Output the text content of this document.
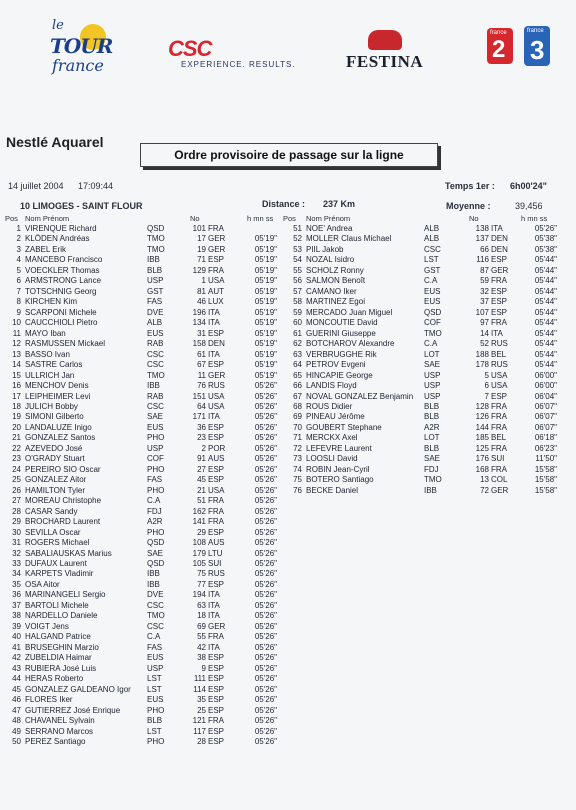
le
TOUR
france
CSC
EXPERIENCE. RESULTS.	FESTINA
france
2
france
3
Nestlé Aquarel
Ordre provisoire de passage sur la ligne
14 juillet 2004 17:09:44	Temps 1er : 6h00'24"
10 LIMOGES - SAINT FLOUR	Distance : 237 Km	Moyenne :	39,456
Pos Nom Prénom	No	h mn ss
1 VIRENQUE Richard	QSD	101 FRA
2 KLÖDEN Andréas	TMO	17 GER	05'19"
3 ZABEL Erik	TMO	19 GER	05'19"
4 MANCEBO Francisco	IBB	71 ESP	05'19"
5 VOECKLER Thomas	BLB	129 FRA	05'19"
6 ARMSTRONG Lance	USP	1 USA	05'19"
7 TOTSCHNIG Georg	GST	81 AUT	05'19"
8 KIRCHEN Kim	FAS	46 LUX	05'19"
9 SCARPONI Michele	DVE	196 ITA	05'19"
10 CAUCCHIOLI Pietro	ALB	134 ITA	05'19"
11 MAYO Iban	EUS	31 ESP	05'19"
12 RASMUSSEN Mickael	RAB	158 DEN	05'19"
13 BASSO Ivan	CSC	61 ITA	05'19"
14 SASTRE Carlos	CSC	67 ESP	05'19"
15 ULLRICH Jan	TMO	11 GER	05'19"
16 MENCHOV Denis	IBB	76 RUS	05'26"
17 LEIPHEIMER Levi	RAB	151 USA	05'26"
18 JULICH Bobby	CSC	64 USA	05'26"
19 SIMONI Gilberto	SAE	171 ITA	05'26"
20 LANDALUZE Inigo	EUS	36 ESP	05'26"
21 GONZALEZ Santos	PHO	23 ESP	05'26"
22 AZEVEDO José	USP	2 POR	05'26"
23 O'GRADY Stuart	COF	91 AUS	05'26"
24 PEREIRO SIO Oscar	PHO	27 ESP	05'26"
25 GONZALEZ Aitor	FAS	45 ESP	05'26"
26 HAMILTON Tyler	PHO	21 USA	05'26"
27 MOREAU Christophe	C.A	51 FRA	05'26"
28 CASAR Sandy	FDJ	162 FRA	05'26"
29 BROCHARD Laurent	A2R	141 FRA	05'26"
30 SEVILLA Oscar	PHO	29 ESP	05'26"
31 ROGERS Michael	QSD	108 AUS	05'26"
32 SABALIAUSKAS Marius	SAE	179 LTU	05'26"
33 DUFAUX Laurent	QSD	105 SUI	05'26"
34 KARPETS Vladimir	IBB	75 RUS	05'26"
35 OSA Aitor	IBB	77 ESP	05'26"
36 MARINANGELI Sergio	DVE	194 ITA	05'26"
37 BARTOLI Michele	CSC	63 ITA	05'26"
38 NARDELLO Daniele	TMO	18 ITA	05'26"
39 VOIGT Jens	CSC	69 GER	05'26"
40 HALGAND Patrice	C.A	55 FRA	05'26"
41 BRUSEGHIN Marzio	FAS	42 ITA	05'26"
42 ZUBELDIA Haimar	EUS	38 ESP	05'26"
43 RUBIERA José Luis	USP	9 ESP	05'26"
44 HERAS Roberto	LST	111 ESP	05'26"
45 GONZALEZ GALDEANO Igor LST	114 ESP	05'26"
46 FLORES Iker	EUS	35 ESP	05'26"
47 GUTIERREZ José Enrique	PHO	25 ESP	05'26"
48 CHAVANEL Sylvain	BLB	121 FRA	05'26"
49 SERRANO Marcos	LST	117 ESP	05'26"
50 PEREZ Santiago	PHO	28 ESP	05'26"
Pos Nom Prénom	No	h mn ss
51 NOE' Andrea	ALB	138 ITA	05'26"
52 MOLLER Claus Michael	ALB	137 DEN	05'38"
53 PIIL Jakob	CSC	66 DEN	05'38"
54 NOZAL Isidro	LST	116 ESP	05'44"
55 SCHOLZ Ronny	GST	87 GER	05'44"
56 SALMON Benoît	C.A	59 FRA	05'44"
57 CAMANO Iker	EUS	32 ESP	05'44"
58 MARTINEZ Egoi	EUS	37 ESP	05'44"
59 MERCADO Juan Miguel	QSD	107 ESP	05'44"
60 MONCOUTIE David	COF	97 FRA	05'44"
61 GUERINI Giuseppe	TMO	14 ITA	05'44"
62 BOTCHAROV Alexandre	C.A	52 RUS	05'44"
63 VERBRUGGHE Rik	LOT	188 BEL	05'44"
64 PETROV Evgeni	SAE	178 RUS	05'44"
65 HINCAPIE George	USP	5 USA	06'00"
66 LANDIS Floyd	USP	6 USA	06'00"
67 NOVAL GONZALEZ Benjamin USP	7 ESP	06'04"
68 ROUS Didier	BLB	128 FRA	06'07"
69 PINEAU Jérôme	BLB	126 FRA	06'07"
70 GOUBERT Stephane	A2R	144 FRA	06'07"
71 MERCKX Axel	LOT	185 BEL	06'18"
72 LEFEVRE Laurent	BLB	125 FRA	06'23"
73 LOOSLI David	SAE	176 SUI	11'50"
74 ROBIN Jean-Cyril	FDJ	168 FRA	15'58"
75 BOTERO Santiago	TMO	13 COL	15'58"
76 BECKE Daniel	IBB	72 GER	15'58"
